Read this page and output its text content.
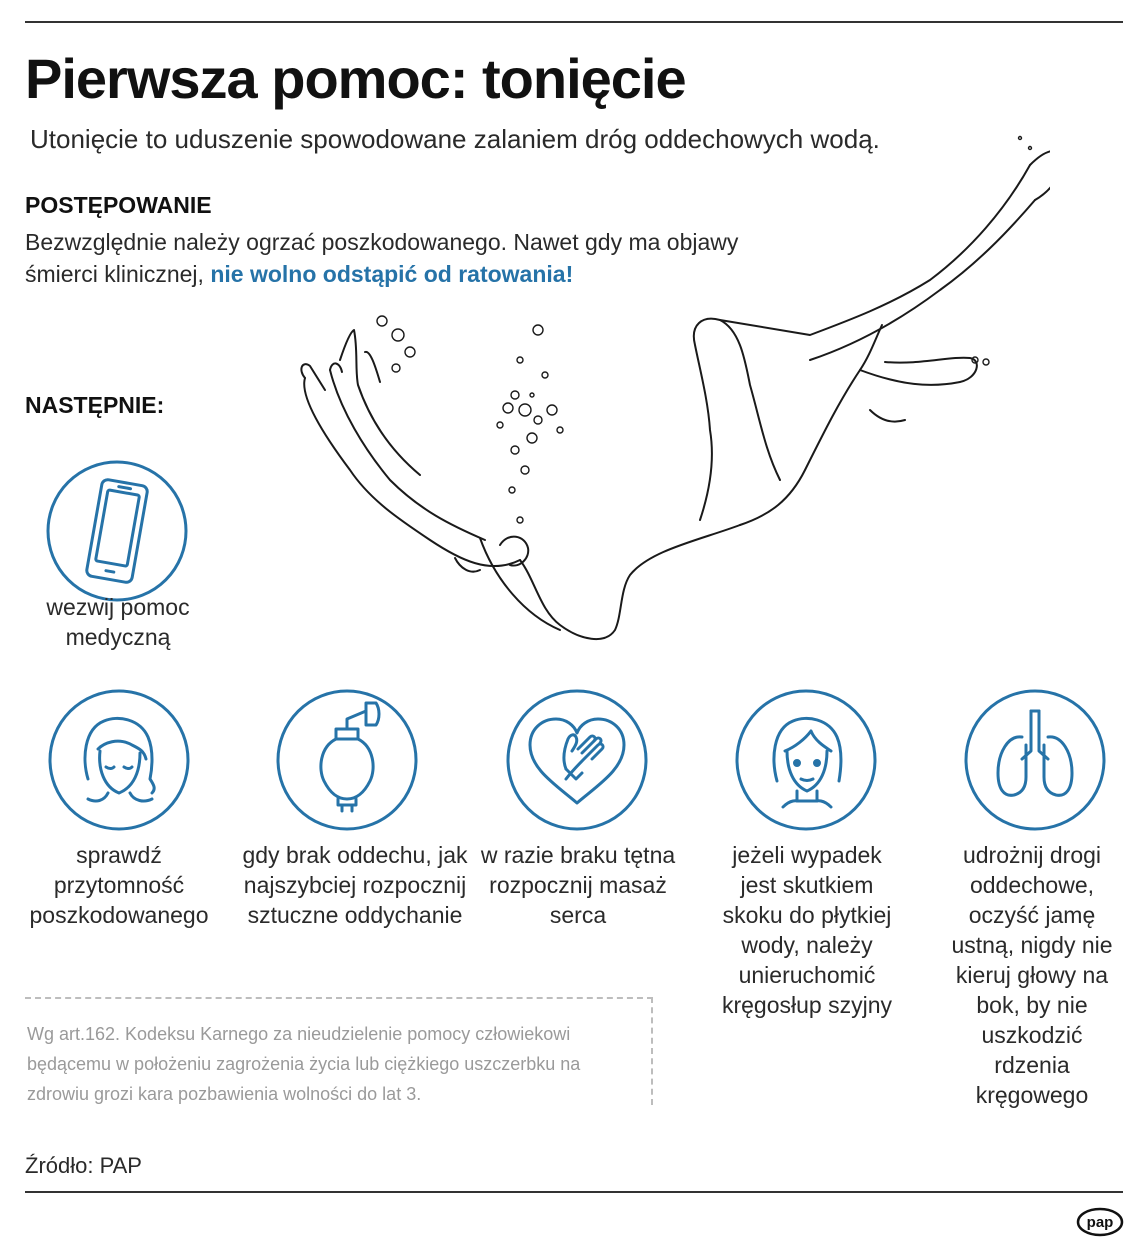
Pierwsza pomoc: tonięcie
Utonięcie to uduszenie spowodowane zalaniem dróg oddechowych wodą.
POSTĘPOWANIE
Bezwzględnie należy ogrzać poszkodowanego. Nawet gdy ma objawy śmierci klinicznej, nie wolno odstąpić od ratowania!
NASTĘPNIE:
wezwij pomoc medyczną
sprawdź przytomność poszkodowanego
gdy brak oddechu, jak najszybciej rozpocznij sztuczne oddychanie
w razie braku tętna rozpocznij masaż serca
jeżeli wypadek jest skutkiem skoku do płytkiej wody, należy unieruchomić kręgosłup szyjny
udrożnij drogi oddechowe, oczyść jamę ustną, nigdy nie kieruj głowy na bok, by nie uszkodzić rdzenia kręgowego
Wg art.162. Kodeksu Karnego za nieudzielenie pomocy człowiekowi będącemu w położeniu zagrożenia życia lub ciężkiego uszczerbku na zdrowiu grozi kara pozbawienia wolności do lat 3.
Źródło: PAP
pap
